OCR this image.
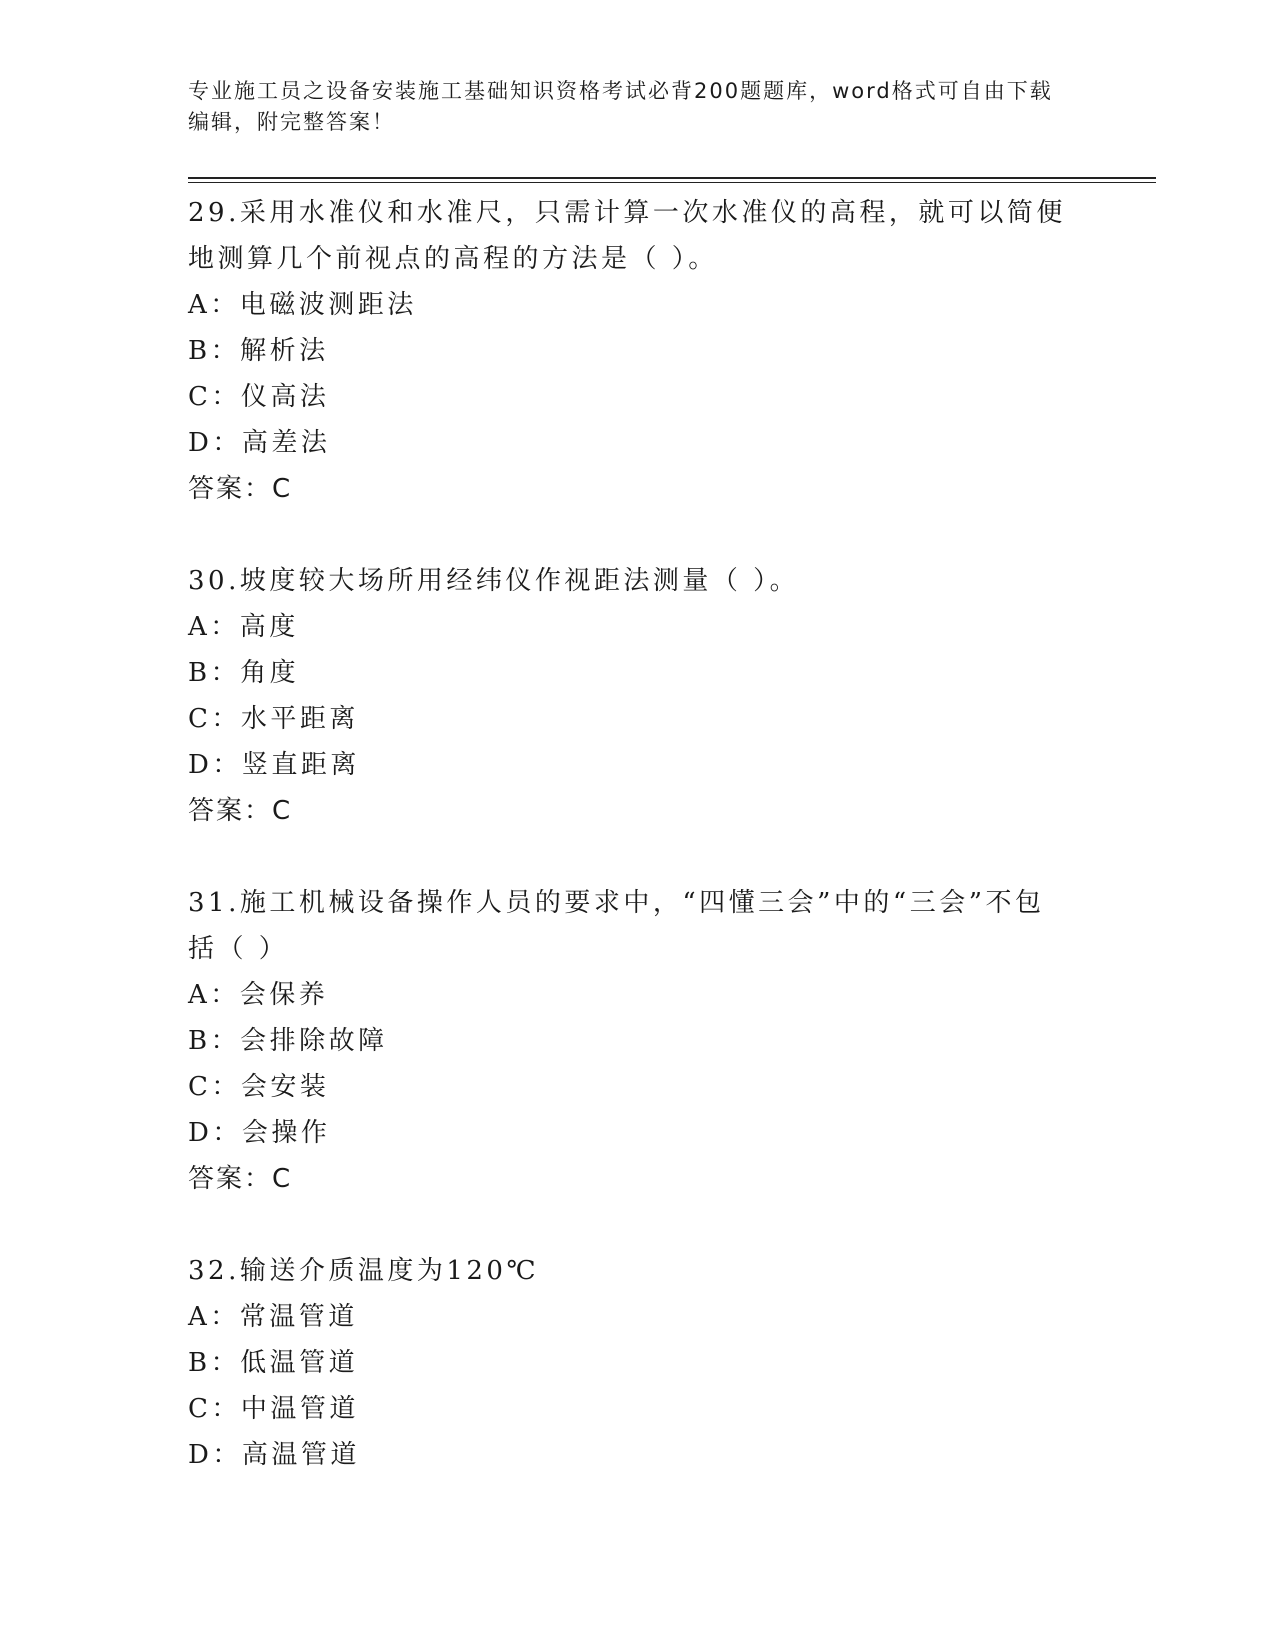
专业施工员之设备安装施工基础知识资格考试必背200题题库，word格式可自由下载编辑，附完整答案！

29.采用水准仪和水准尺，只需计算一次水准仪的高程，就可以简便地测算几个前视点的高程的方法是（ ）。

A：电磁波测距法

B：解析法

C：仪高法

D：高差法

答案：C

30.坡度较大场所用经纬仪作视距法测量（ ）。

A：高度

B：角度

C：水平距离

D：竖直距离

答案：C

31.施工机械设备操作人员的要求中，“四懂三会”中的“三会”不包括（ ）

A：会保养

B：会排除故障

C：会安装

D：会操作

答案：C

32.输送介质温度为120℃

A：常温管道

B：低温管道

C：中温管道

D：高温管道
